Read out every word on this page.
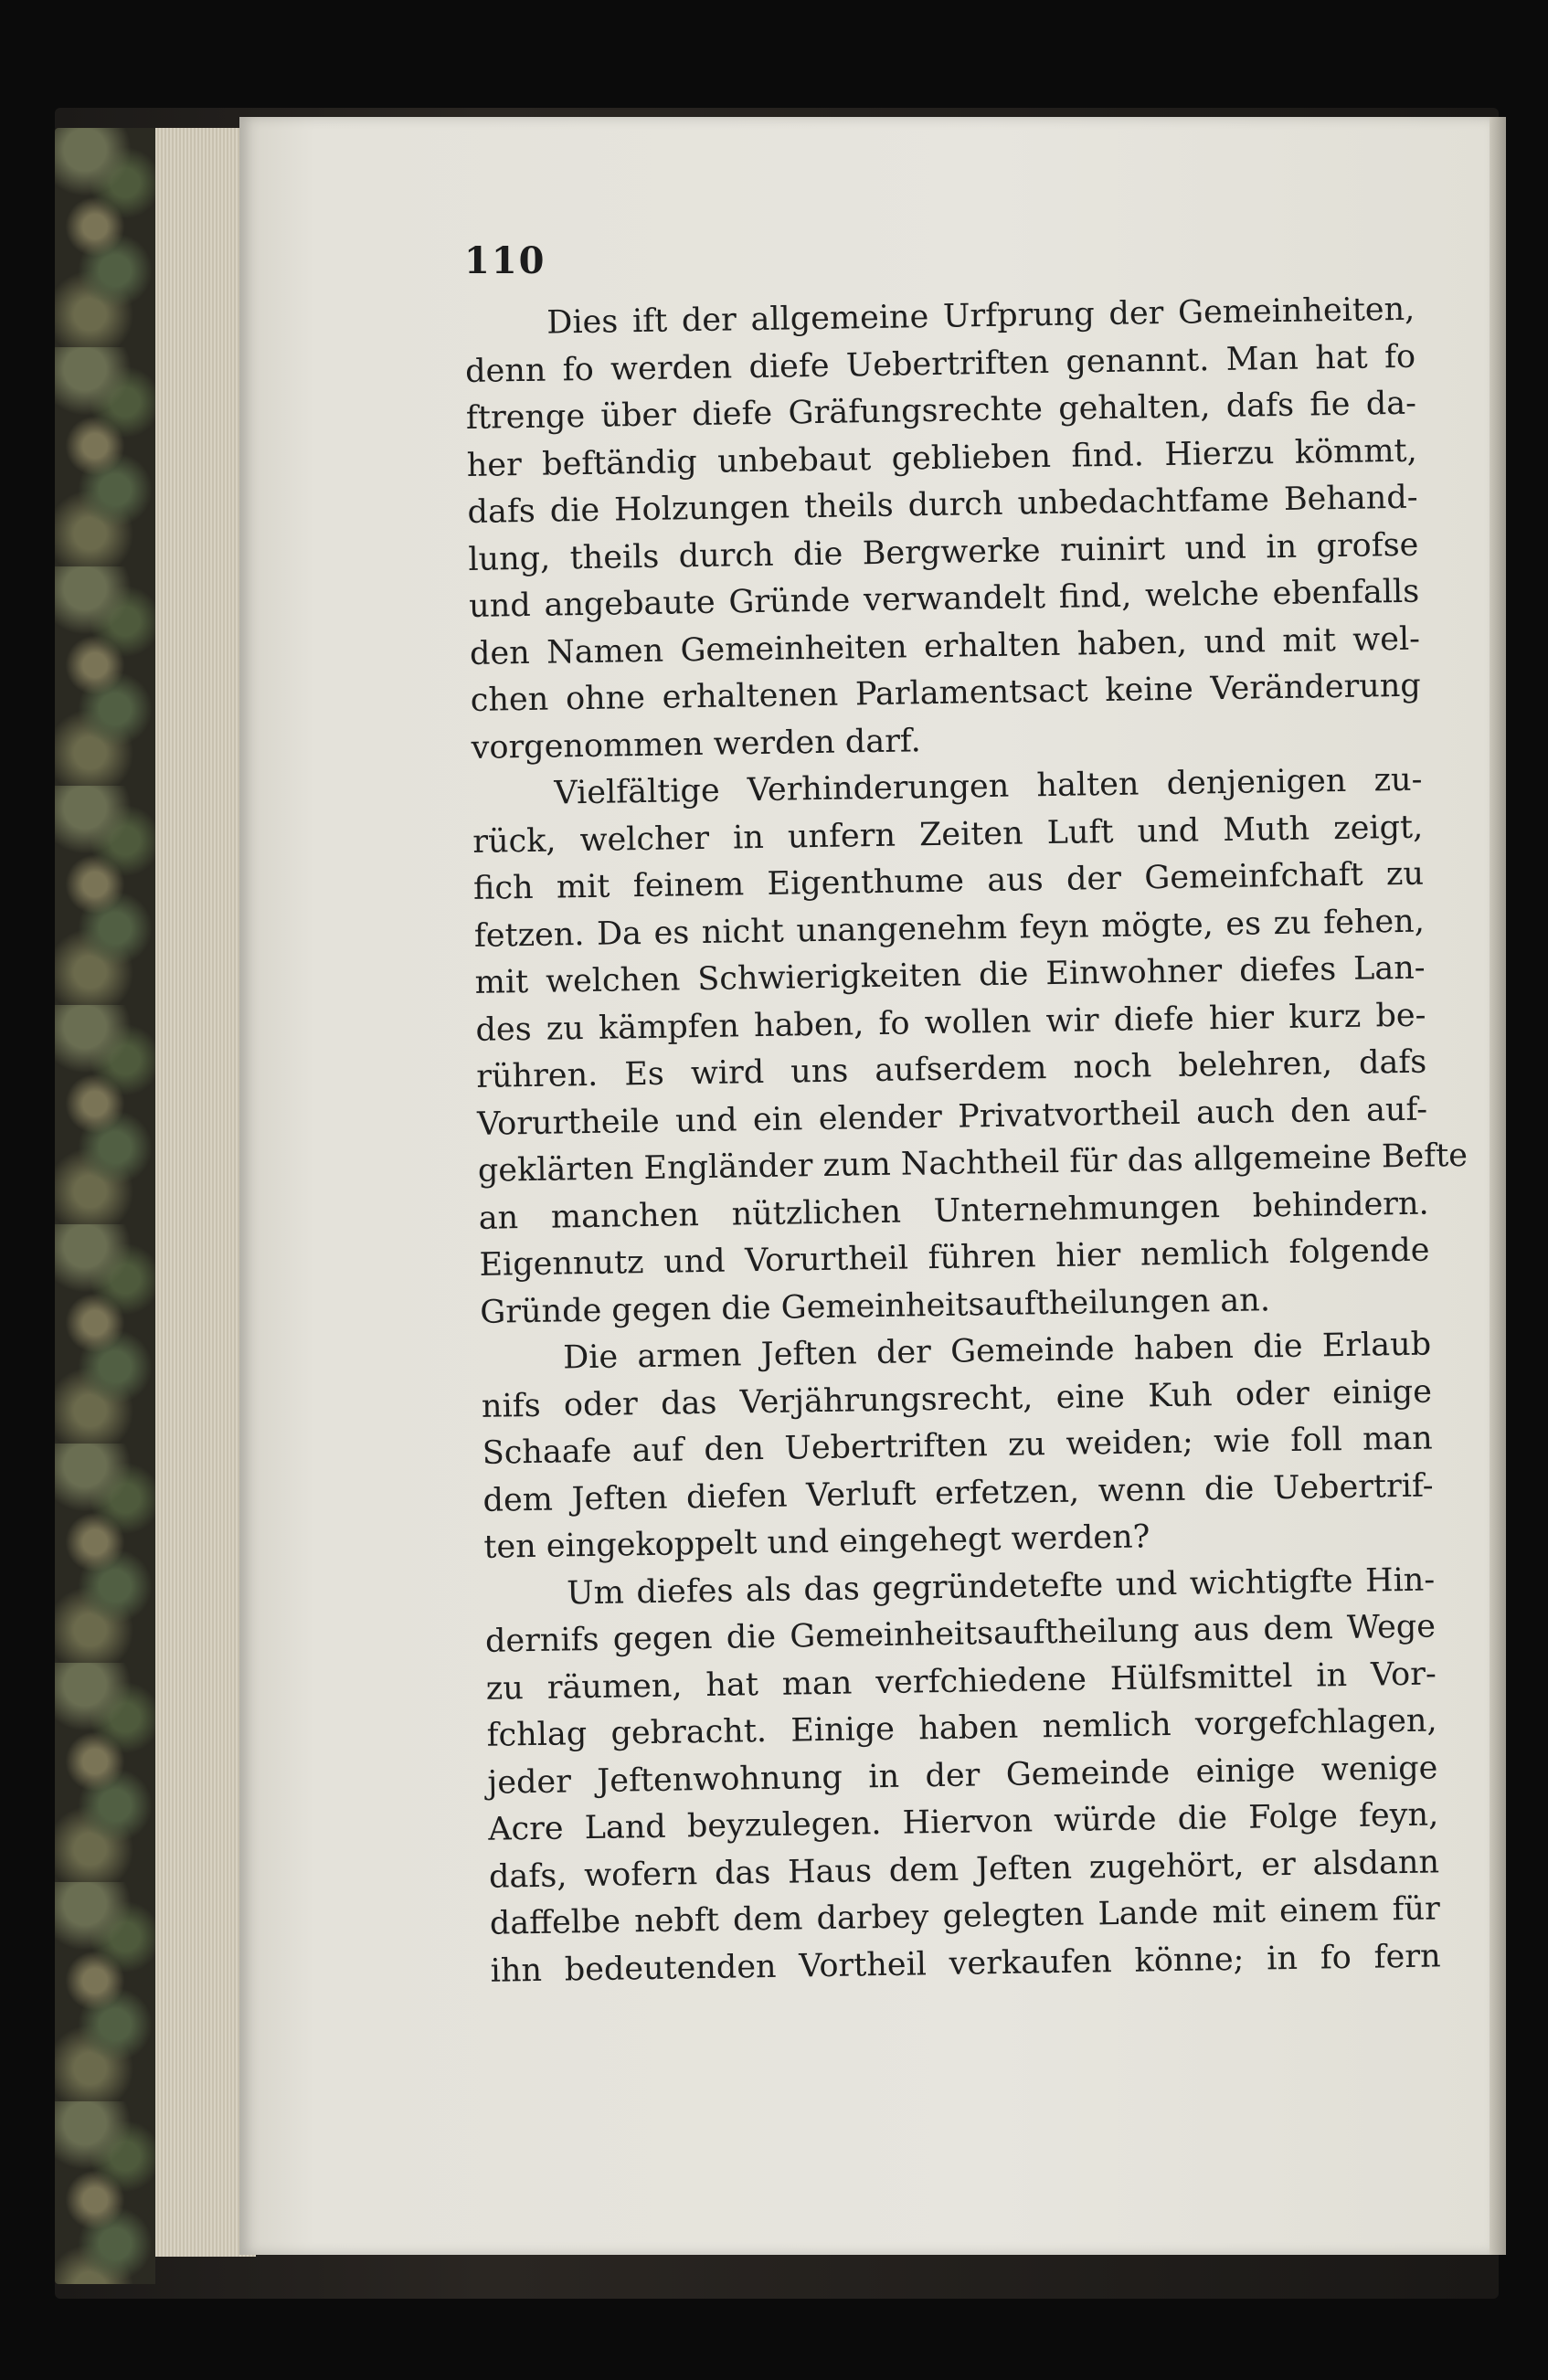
110
Dies ift der allgemeine Urfprung der Gemeinheiten,
denn fo werden diefe Uebertriften genannt. Man hat fo
ftrenge über diefe Gräfungsrechte gehalten, dafs fie da-
her beftändig unbebaut geblieben find. Hierzu kömmt,
dafs die Holzungen theils durch unbedachtfame Behand-
lung, theils durch die Bergwerke ruinirt und in grofse
und angebaute Gründe verwandelt find, welche ebenfalls
den Namen Gemeinheiten erhalten haben, und mit wel-
chen ohne erhaltenen Parlamentsact keine Veränderung
vorgenommen werden darf.
Vielfältige Verhinderungen halten denjenigen zu-
rück, welcher in unfern Zeiten Luft und Muth zeigt,
fich mit feinem Eigenthume aus der Gemeinfchaft zu
fetzen. Da es nicht unangenehm feyn mögte, es zu fehen,
mit welchen Schwierigkeiten die Einwohner diefes Lan-
des zu kämpfen haben, fo wollen wir diefe hier kurz be-
rühren. Es wird uns aufserdem noch belehren, dafs
Vorurtheile und ein elender Privatvortheil auch den auf-
geklärten Engländer zum Nachtheil für das allgemeine Befte
an manchen nützlichen Unternehmungen behindern.
Eigennutz und Vorurtheil führen hier nemlich folgende
Gründe gegen die Gemeinheitsauftheilungen an.
Die armen Jeften der Gemeinde haben die Erlaub
nifs oder das Verjährungsrecht, eine Kuh oder einige
Schaafe auf den Uebertriften zu weiden; wie foll man
dem Jeften diefen Verluft erfetzen, wenn die Uebertrif-
ten eingekoppelt und eingehegt werden?
Um diefes als das gegründetefte und wichtigfte Hin-
dernifs gegen die Gemeinheitsauftheilung aus dem Wege
zu räumen, hat man verfchiedene Hülfsmittel in Vor-
fchlag gebracht. Einige haben nemlich vorgefchlagen,
jeder Jeftenwohnung in der Gemeinde einige wenige
Acre Land beyzulegen. Hiervon würde die Folge feyn,
dafs, wofern das Haus dem Jeften zugehört, er alsdann
daffelbe nebft dem darbey gelegten Lande mit einem für
ihn bedeutenden Vortheil verkaufen könne; in fo fern
